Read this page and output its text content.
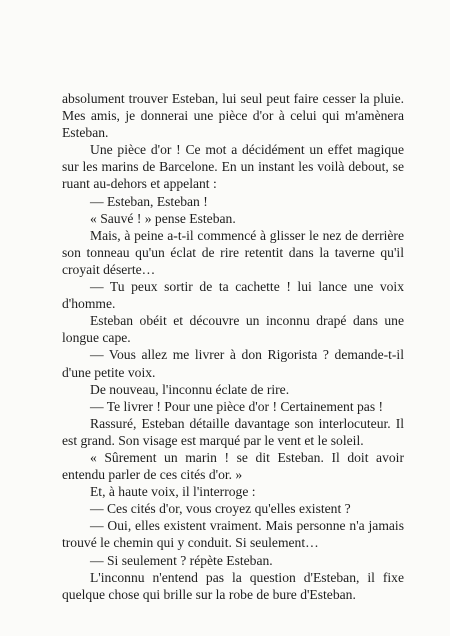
absolument trouver Esteban, lui seul peut faire cesser la pluie. Mes amis, je donnerai une pièce d'or à celui qui m'amènera Esteban.

Une pièce d'or ! Ce mot a décidément un effet magique sur les marins de Barcelone. En un instant les voilà debout, se ruant au-dehors et appelant :

— Esteban, Esteban !

« Sauvé ! » pense Esteban.

Mais, à peine a-t-il commencé à glisser le nez de derrière son tonneau qu'un éclat de rire retentit dans la taverne qu'il croyait déserte…

— Tu peux sortir de ta cachette ! lui lance une voix d'homme.

Esteban obéit et découvre un inconnu drapé dans une longue cape.

— Vous allez me livrer à don Rigorista ? demande-t-il d'une petite voix.

De nouveau, l'inconnu éclate de rire.

— Te livrer ! Pour une pièce d'or ! Certainement pas !

Rassuré, Esteban détaille davantage son interlocuteur. Il est grand. Son visage est marqué par le vent et le soleil.

« Sûrement un marin ! se dit Esteban. Il doit avoir entendu parler de ces cités d'or. »

Et, à haute voix, il l'interroge :

— Ces cités d'or, vous croyez qu'elles existent ?

— Oui, elles existent vraiment. Mais personne n'a jamais trouvé le chemin qui y conduit. Si seulement…

— Si seulement ? répète Esteban.

L'inconnu n'entend pas la question d'Esteban, il fixe quelque chose qui brille sur la robe de bure d'Esteban.
